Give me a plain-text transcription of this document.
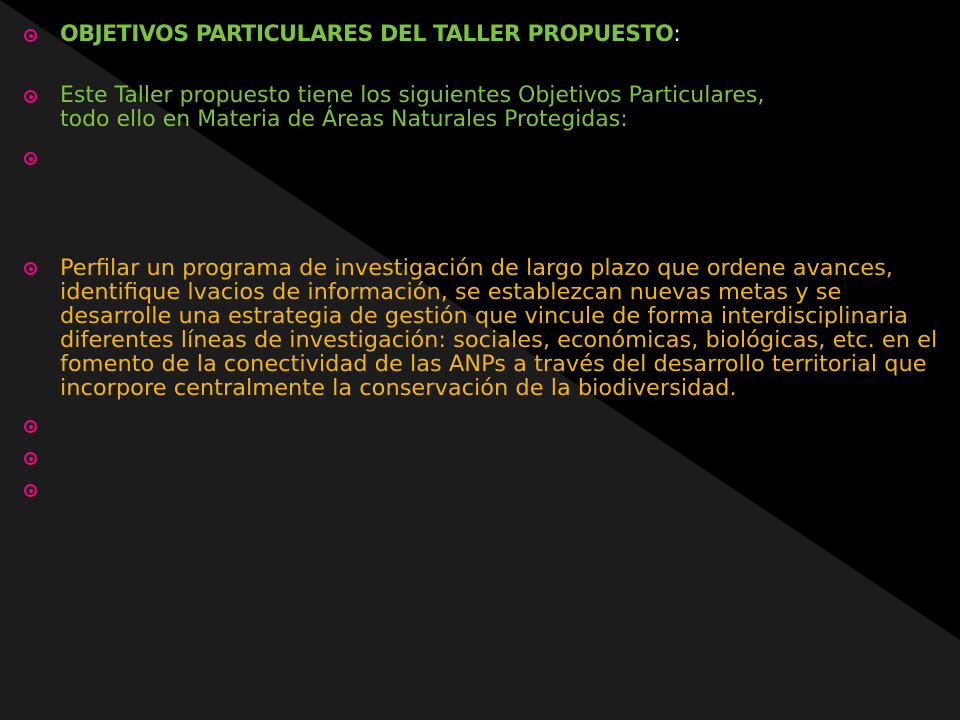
OBJETIVOS PARTICULARES DEL TALLER PROPUESTO:
Este Taller propuesto tiene los siguientes Objetivos Particulares, todo ello en Materia de Áreas Naturales Protegidas:
Perfilar un programa de investigación de largo plazo que ordene avances, identifique lvacios de información, se establezcan nuevas metas y se desarrolle una estrategia de gestión que vincule de forma interdisciplinaria diferentes líneas de investigación: sociales, económicas, biológicas, etc. en el fomento de la conectividad de las ANPs a través del desarrollo territorial que incorpore centralmente la conservación de la biodiversidad.
